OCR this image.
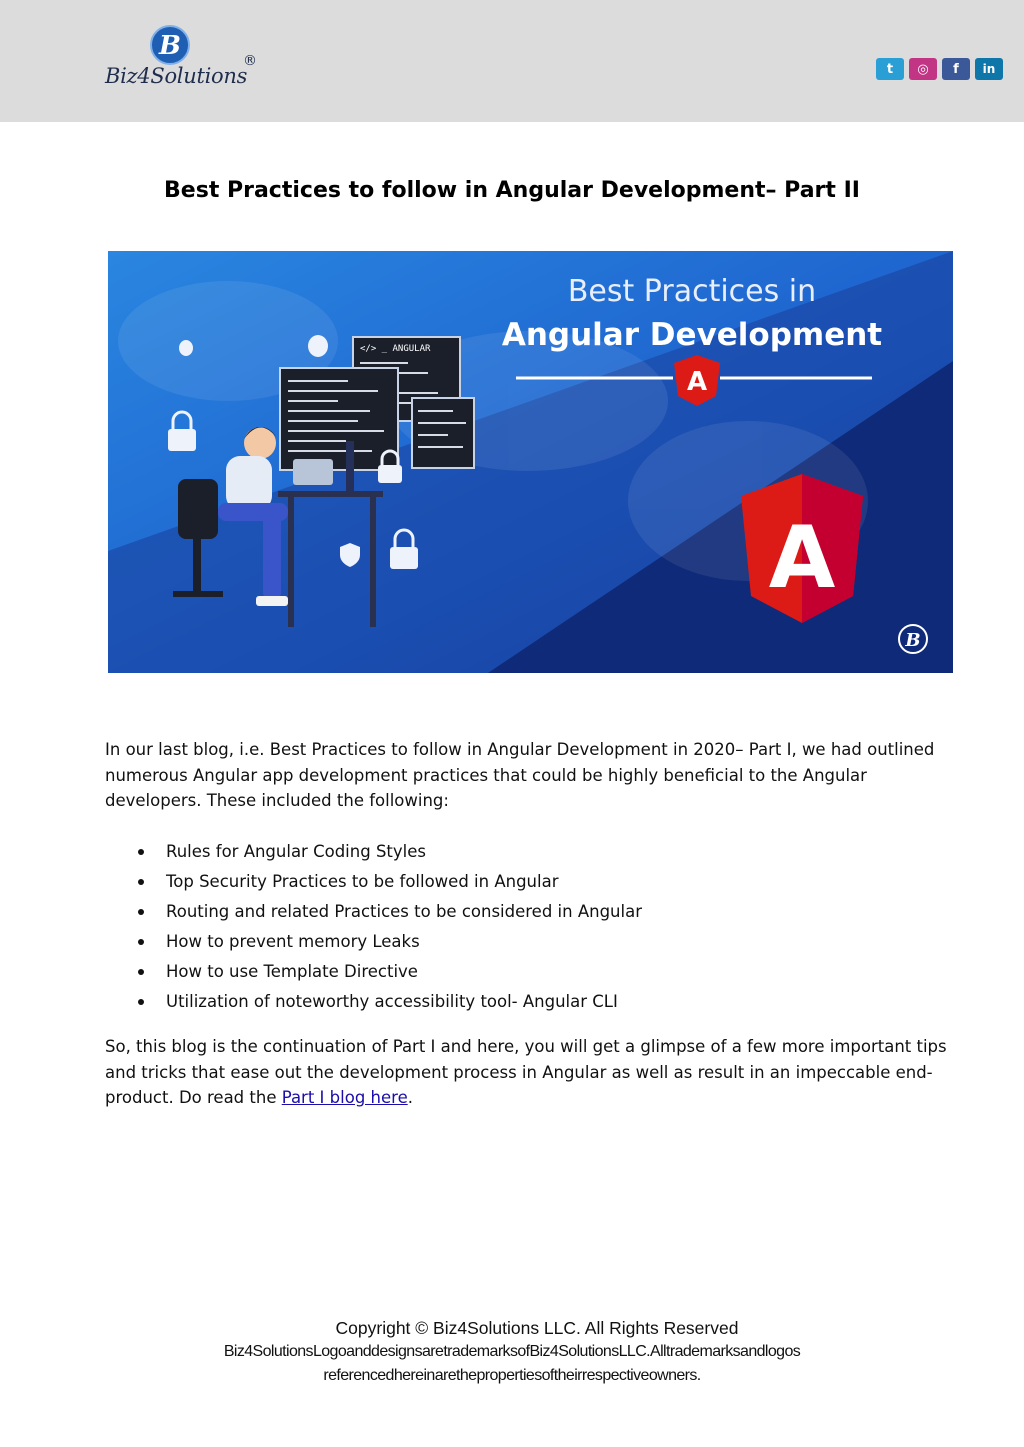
B
Biz4Solutions
®	t	◎	f	in
Best Practices to follow in Angular Development– Part II
Best Practices in
Angular Development
A
A
</> _ ANGULAR
B
In our last blog, i.e. Best Practices to follow in Angular Development in 2020– Part I, we had outlined numerous Angular app development practices that could be highly beneficial to the Angular developers. These included the following:
Rules for Angular Coding Styles
Top Security Practices to be followed in Angular
Routing and related Practices to be considered in Angular
How to prevent memory Leaks
How to use Template Directive
Utilization of noteworthy accessibility tool- Angular CLI
So, this blog is the continuation of Part I and here, you will get a glimpse of a few more important tips and tricks that ease out the development process in Angular as well as result in an impeccable end-product. Do read the Part I blog here.
Copyright © Biz4Solutions LLC. All Rights Reserved
Biz4SolutionsLogoanddesignsaretrademarksofBiz4SolutionsLLC.Alltrademarksandlogos
referencedhereinarethepropertiesoftheirrespectiveowners.
